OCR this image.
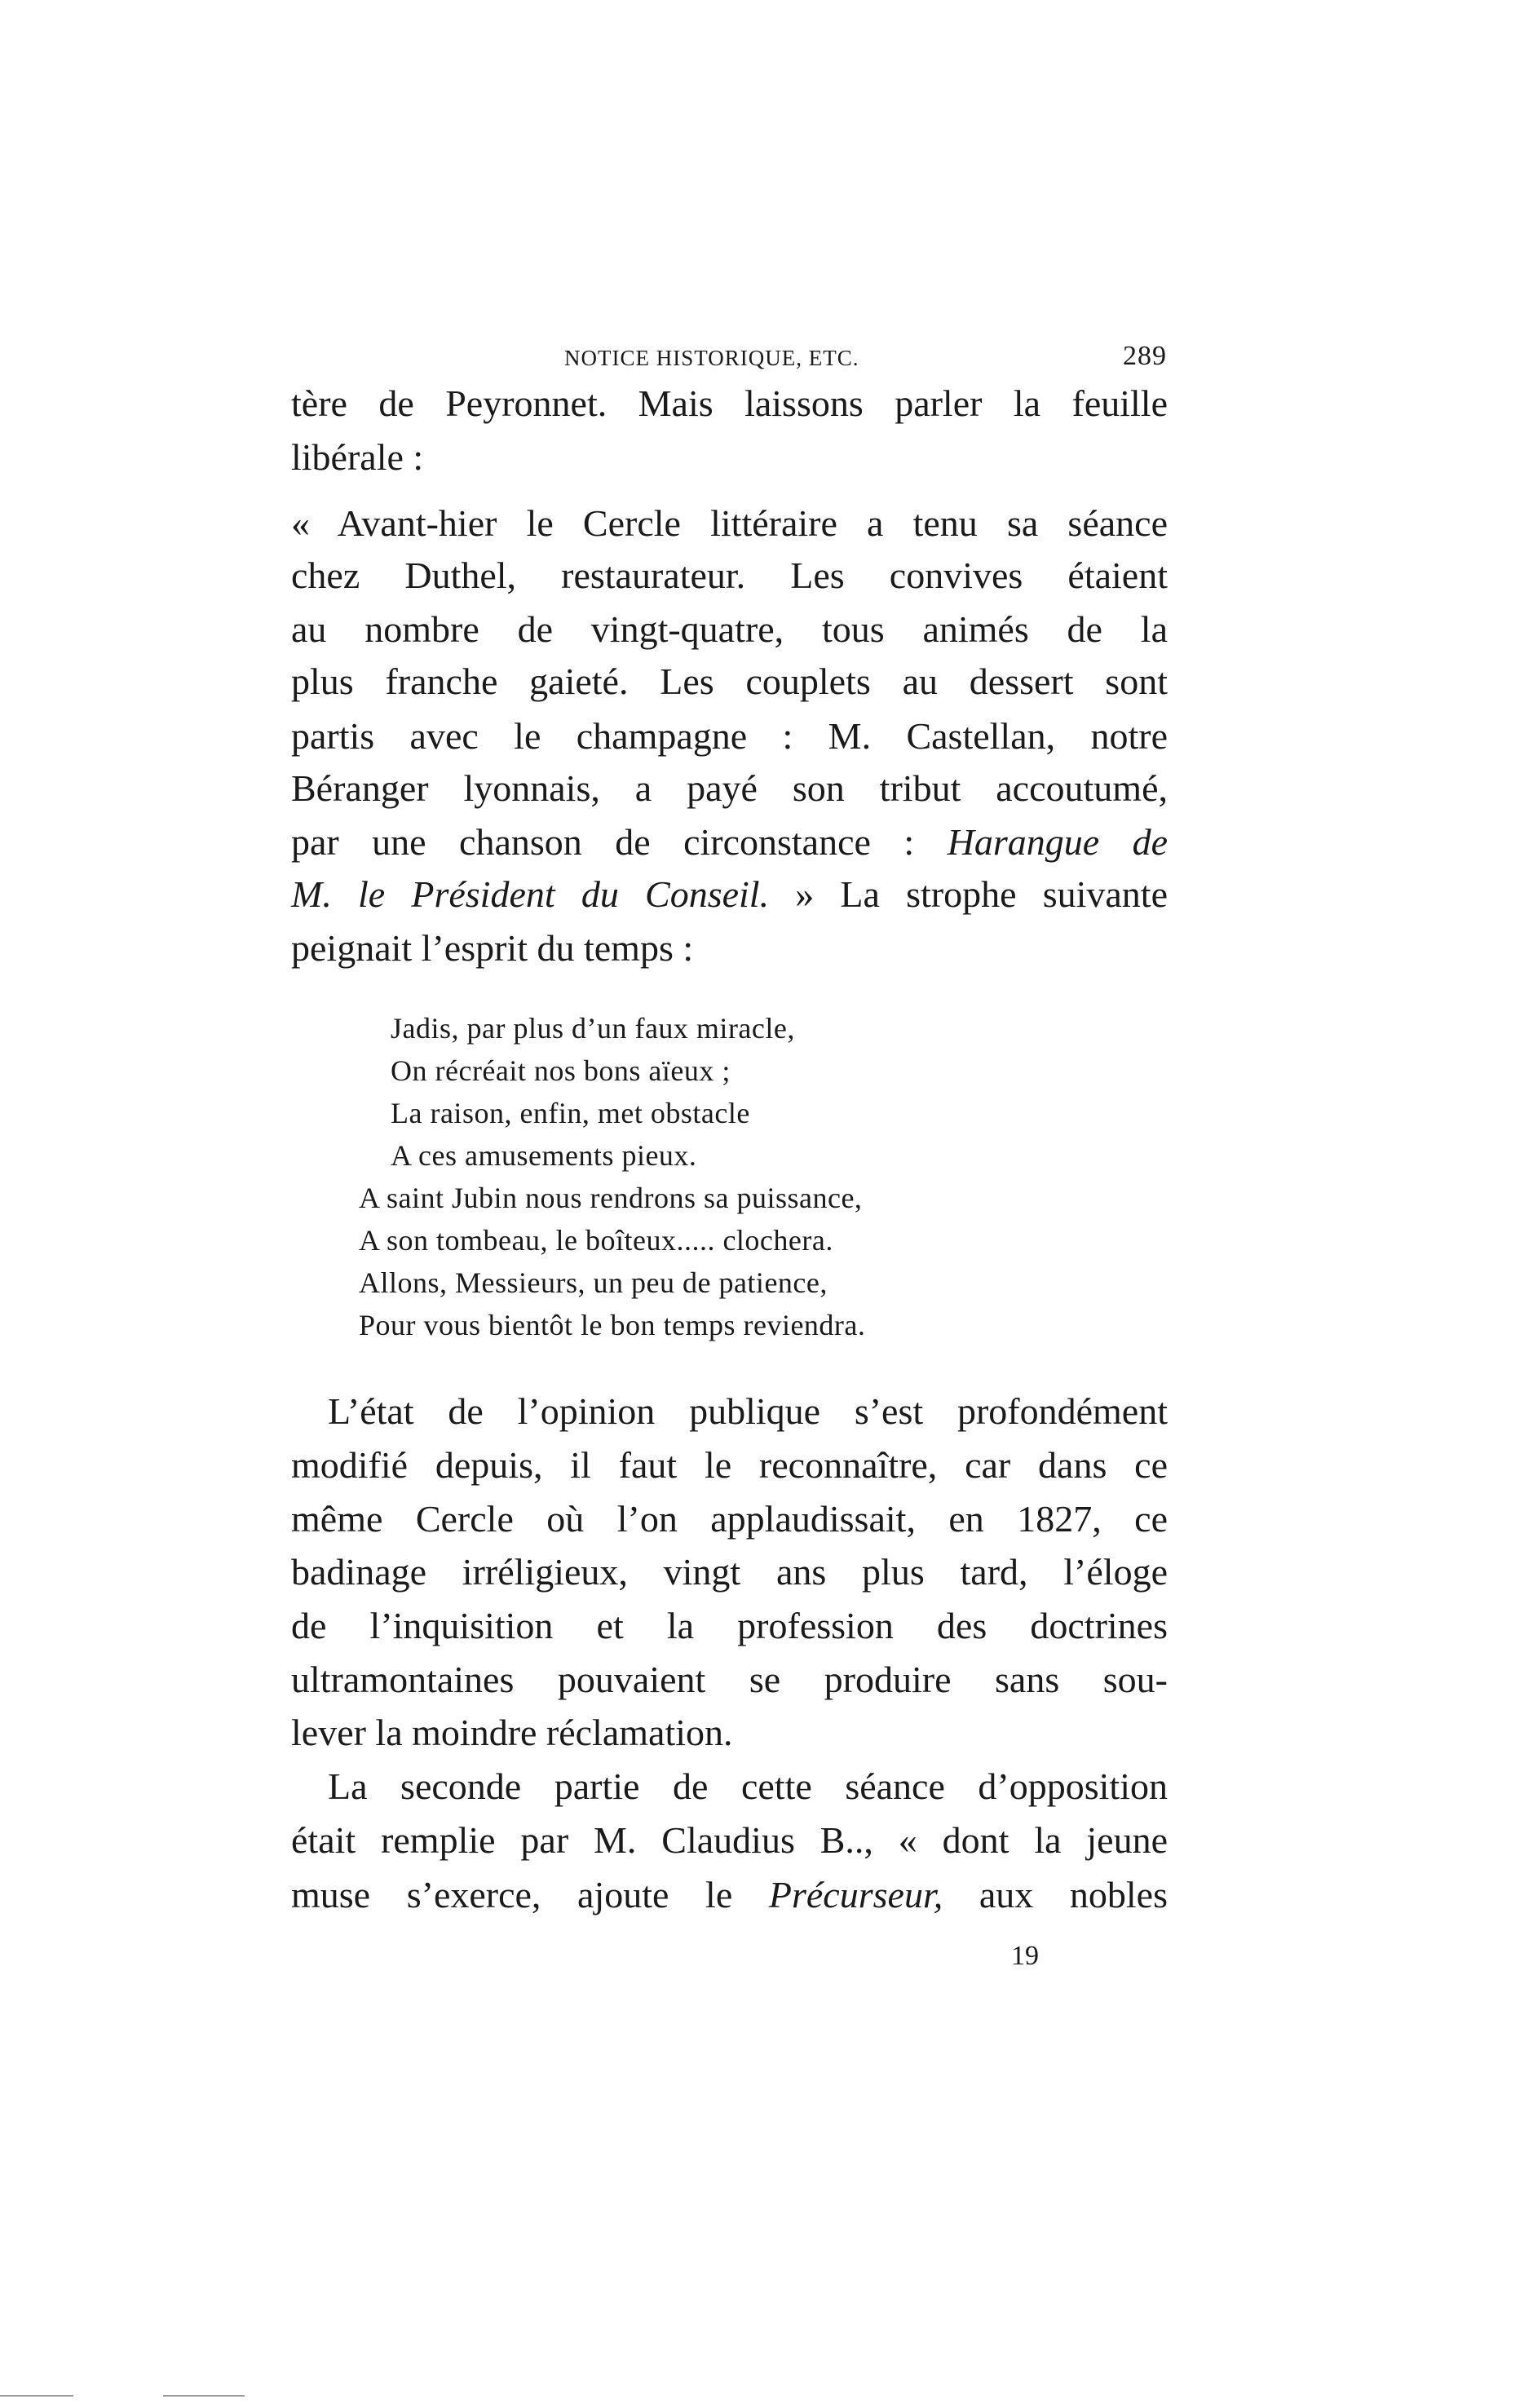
NOTICE HISTORIQUE, ETC.	289
tère de Peyronnet. Mais laissons parler la feuille
libérale :
« Avant-hier le Cercle littéraire a tenu sa séance
chez Duthel, restaurateur. Les convives étaient
au nombre de vingt-quatre, tous animés de la
plus franche gaieté. Les couplets au dessert sont
partis avec le champagne : M. Castellan, notre
Béranger lyonnais, a payé son tribut accoutumé,
par une chanson de circonstance : Harangue de
M. le Président du Conseil. » La strophe suivante
peignait l’esprit du temps :
L’état de l’opinion publique s’est profondément
modifié depuis, il faut le reconnaître, car dans ce
même Cercle où l’on applaudissait, en 1827, ce
badinage irréligieux, vingt ans plus tard, l’éloge
de l’inquisition et la profession des doctrines
ultramontaines pouvaient se produire sans sou-
lever la moindre réclamation.
La seconde partie de cette séance d’opposition
était remplie par M. Claudius B.., « dont la jeune
muse s’exerce, ajoute le Précurseur, aux nobles
Jadis, par plus d’un faux miracle,
On récréait nos bons aïeux ;
La raison, enfin, met obstacle
A ces amusements pieux.
A saint Jubin nous rendrons sa puissance,
A son tombeau, le boîteux..... clochera.
Allons, Messieurs, un peu de patience,
Pour vous bientôt le bon temps reviendra.
19
